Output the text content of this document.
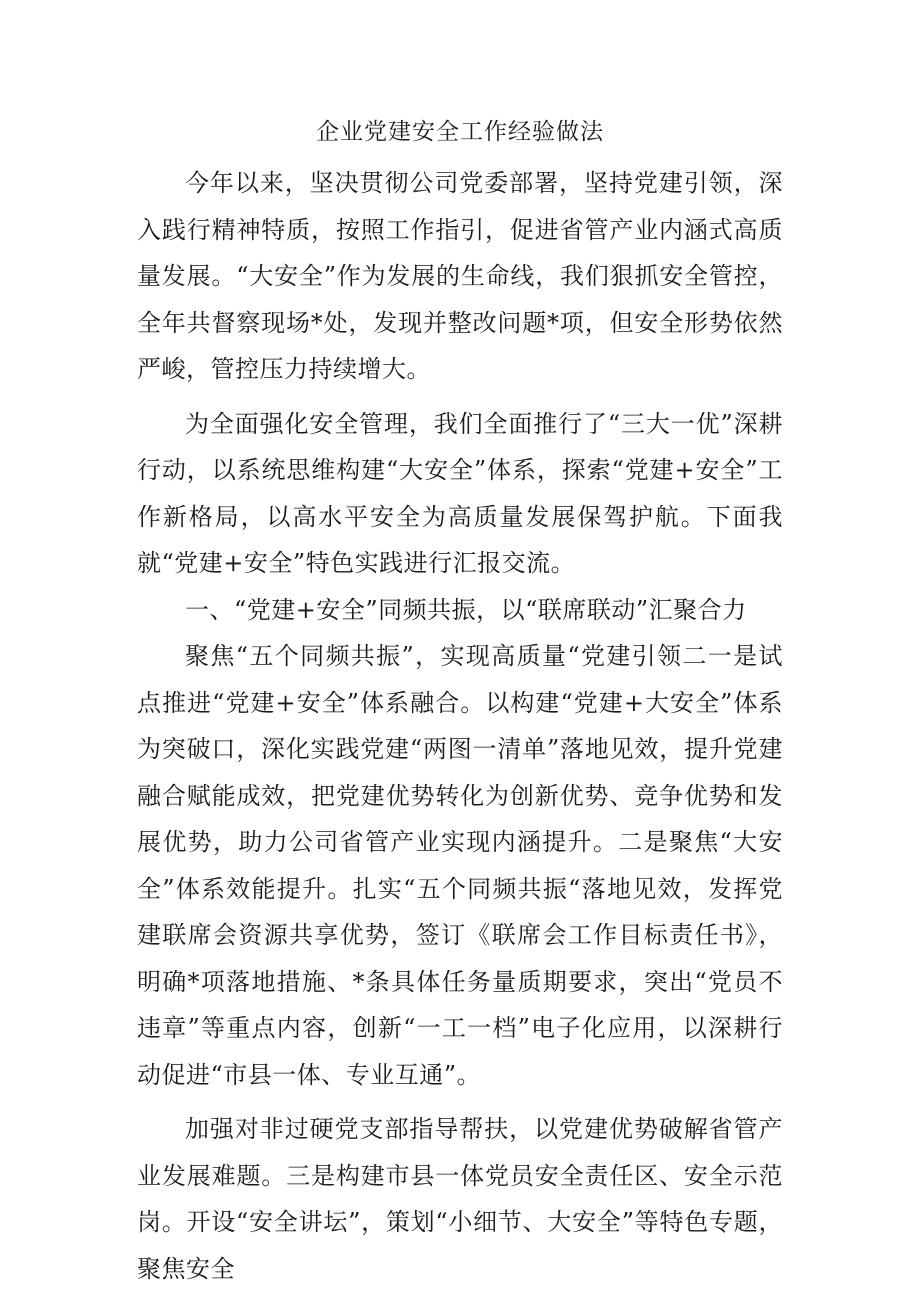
企业党建安全工作经验做法

今年以来，坚决贯彻公司党委部署，坚持党建引领，深入践行精神特质，按照工作指引，促进省管产业内涵式高质量发展。“大安全”作为发展的生命线，我们狠抓安全管控，全年共督察现场*处，发现并整改问题*项，但安全形势依然严峻，管控压力持续增大。

为全面强化安全管理，我们全面推行了“三大一优”深耕行动，以系统思维构建“大安全”体系，探索“党建+安全”工作新格局，以高水平安全为高质量发展保驾护航。下面我就“党建+安全”特色实践进行汇报交流。

一、“党建+安全”同频共振，以“联席联动”汇聚合力

聚焦“五个同频共振”，实现高质量“党建引领二一是试点推进“党建+安全”体系融合。以构建“党建+大安全”体系为突破口，深化实践党建“两图一清单”落地见效，提升党建融合赋能成效，把党建优势转化为创新优势、竞争优势和发展优势，助力公司省管产业实现内涵提升。二是聚焦“大安全”体系效能提升。扎实“五个同频共振“落地见效，发挥党建联席会资源共享优势，签订《联席会工作目标责任书》，明确*项落地措施、*条具体任务量质期要求，突出“党员不违章”等重点内容，创新“一工一档”电子化应用，以深耕行动促进“市县一体、专业互通”。

加强对非过硬党支部指导帮扶，以党建优势破解省管产业发展难题。三是构建市县一体党员安全责任区、安全示范岗。开设“安全讲坛”，策划“小细节、大安全”等特色专题，聚焦安全
